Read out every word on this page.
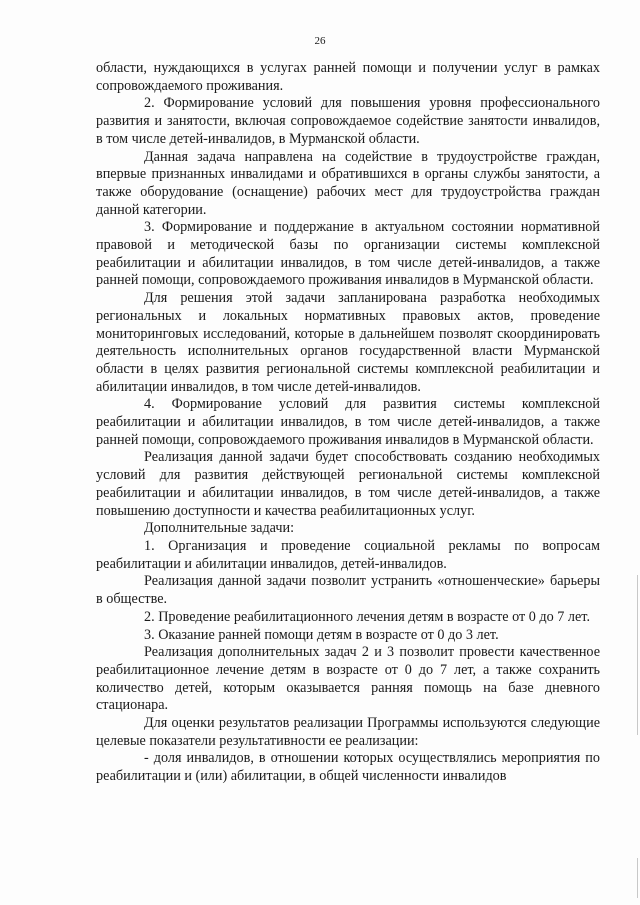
26

области, нуждающихся в услугах ранней помощи и получении услуг в рамках сопровождаемого проживания.

2. Формирование условий для повышения уровня профессионального развития и занятости, включая сопровождаемое содействие занятости инвалидов, в том числе детей-инвалидов, в Мурманской области.

Данная задача направлена на содействие в трудоустройстве граждан, впервые признанных инвалидами и обратившихся в органы службы занятости, а также оборудование (оснащение) рабочих мест для трудоустройства граждан данной категории.

3. Формирование и поддержание в актуальном состоянии нормативной правовой и методической базы по организации системы комплексной реабилитации и абилитации инвалидов, в том числе детей-инвалидов, а также ранней помощи, сопровождаемого проживания инвалидов в Мурманской области.

Для решения этой задачи запланирована разработка необходимых региональных и локальных нормативных правовых актов, проведение мониторинговых исследований, которые в дальнейшем позволят скоординировать деятельность исполнительных органов государственной власти Мурманской области в целях развития региональной системы комплексной реабилитации и абилитации инвалидов, в том числе детей-инвалидов.

4. Формирование условий для развития системы комплексной реабилитации и абилитации инвалидов, в том числе детей-инвалидов, а также ранней помощи, сопровождаемого проживания инвалидов в Мурманской области.

Реализация данной задачи будет способствовать созданию необходимых условий для развития действующей региональной системы комплексной реабилитации и абилитации инвалидов, в том числе детей-инвалидов, а также повышению доступности и качества реабилитационных услуг.

Дополнительные задачи:

1. Организация и проведение социальной рекламы по вопросам реабилитации и абилитации инвалидов, детей-инвалидов.

Реализация данной задачи позволит устранить «отношенческие» барьеры в обществе.

2. Проведение реабилитационного лечения детям в возрасте от 0 до 7 лет.

3. Оказание ранней помощи детям в возрасте от 0 до 3 лет.

Реализация дополнительных задач 2 и 3 позволит провести качественное реабилитационное лечение детям в возрасте от 0 до 7 лет, а также сохранить количество детей, которым оказывается ранняя помощь на базе дневного стационара.

Для оценки результатов реализации Программы используются следующие целевые показатели результативности ее реализации:

- доля инвалидов, в отношении которых осуществлялись мероприятия по реабилитации и (или) абилитации, в общей численности инвалидов
